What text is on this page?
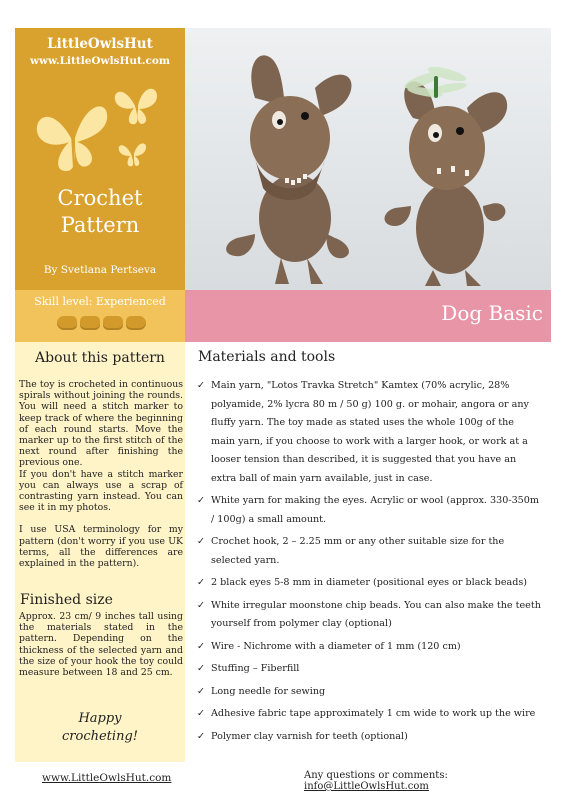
LittleOwlsHut
www.LittleOwlsHut.com
Crochet
Pattern
By Svetlana Pertseva
Skill level: Experienced	Dog Basic
About this pattern

The toy is crocheted in continuous spirals without joining the rounds. You will need a stitch marker to keep track of where the beginning of each round starts. Move the marker up to the first stitch of the next round after finishing the previous one.

If you don't have a stitch marker you can always use a scrap of contrasting yarn instead. You can see it in my photos.

I use USA terminology for my pattern (don't worry if you use UK terms, all the differences are explained in the pattern).

Finished size
Approx. 23 cm/ 9 inches tall using the materials stated in the pattern. Depending on the thickness of the selected yarn and the size of your hook the toy could measure between 18 and 25 cm.
Happy
crocheting!
Materials and tools
✓ Main yarn, "Lotos Travka Stretch" Kamtex (70% acrylic, 28% polyamide, 2% lycra 80 m / 50 g) 100 g. or mohair, angora or any fluffy yarn. The toy made as stated uses the whole 100g of the main yarn, if you choose to work with a larger hook, or work at a looser tension than described, it is suggested that you have an extra ball of main yarn available, just in case.
✓ White yarn for making the eyes. Acrylic or wool (approx. 330-350m / 100g) a small amount.
✓ Crochet hook, 2 – 2.25 mm or any other suitable size for the selected yarn.
✓ 2 black eyes 5-8 mm in diameter (positional eyes or black beads)
✓ White irregular moonstone chip beads. You can also make the teeth yourself from polymer clay (optional)
✓ Wire - Nichrome with a diameter of 1 mm (120 cm)
✓ Stuffing – Fiberfill
✓ Long needle for sewing
✓ Adhesive fabric tape approximately 1 cm wide to work up the wire
✓ Polymer clay varnish for teeth (optional)
www.LittleOwlsHut.com	Any questions or comments: info@LittleOwlsHut.com
